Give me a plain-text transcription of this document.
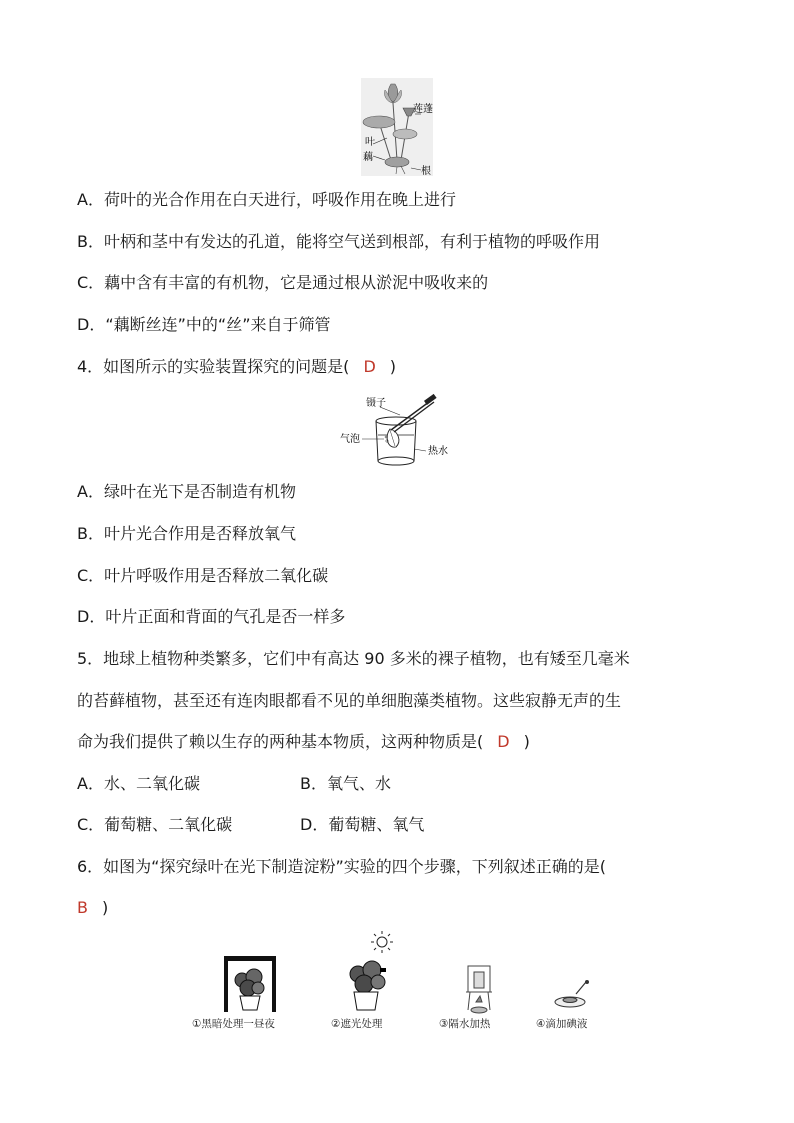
莲蓬
叶
藕
根
A．荷叶的光合作用在白天进行，呼吸作用在晚上进行
B．叶柄和茎中有发达的孔道，能将空气送到根部，有利于植物的呼吸作用
C．藕中含有丰富的有机物，它是通过根从淤泥中吸收来的
D．“藕断丝连”中的“丝”来自于筛管
4．如图所示的实验装置探究的问题是( D )
镊子
气泡
热水
A．绿叶在光下是否制造有机物
B．叶片光合作用是否释放氧气
C．叶片呼吸作用是否释放二氧化碳
D．叶片正面和背面的气孔是否一样多
5．地球上植物种类繁多，它们中有高达 90 多米的裸子植物，也有矮至几毫米
的苔藓植物，甚至还有连肉眼都看不见的单细胞藻类植物。这些寂静无声的生
命为我们提供了赖以生存的两种基本物质，这两种物质是( D )
A．水、二氧化碳	B．氧气、水
C．葡萄糖、二氧化碳	D．葡萄糖、氧气
6．如图为“探究绿叶在光下制造淀粉”实验的四个步骤，下列叙述正确的是(
B )
①黑暗处理一昼夜	②遮光处理	③隔水加热	④滴加碘液
